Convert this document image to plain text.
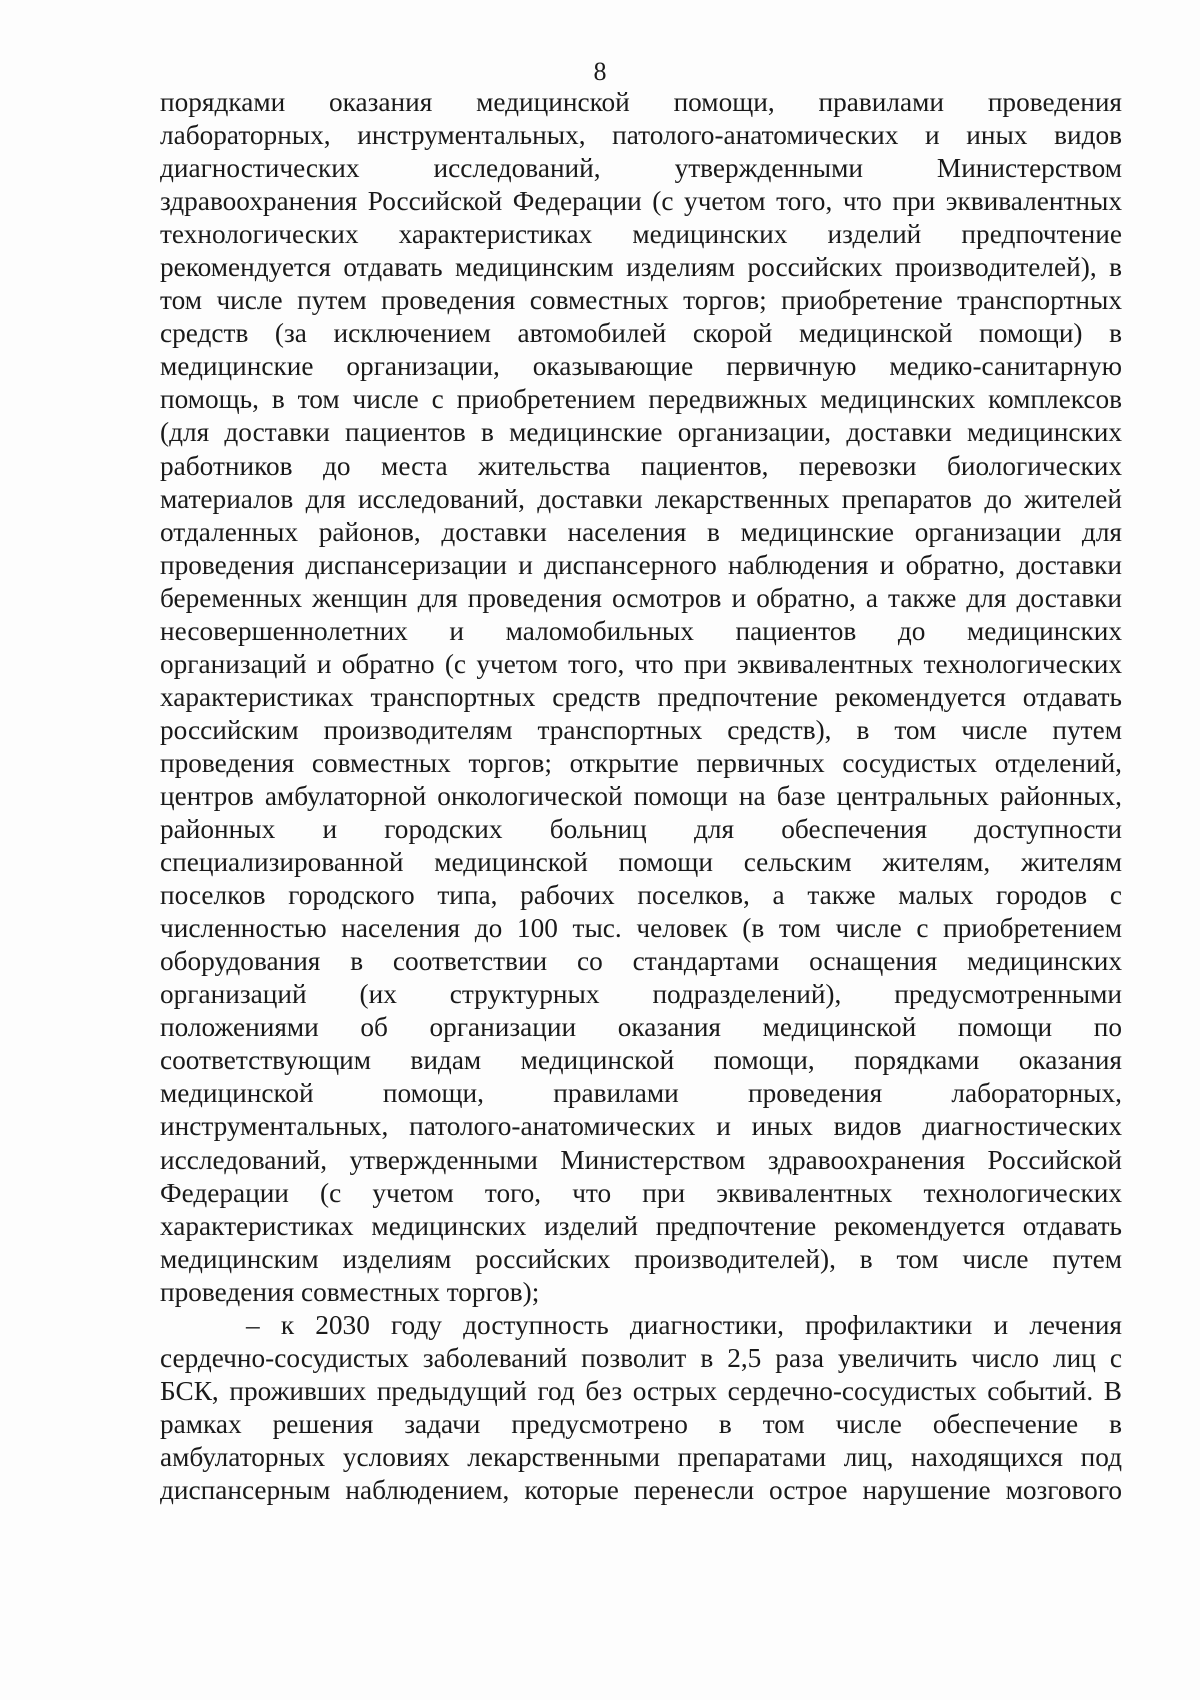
8
порядками оказания медицинской помощи, правилами проведения
лабораторных, инструментальных, патолого-анатомических и иных видов
диагностических исследований, утвержденными Министерством
здравоохранения Российской Федерации (с учетом того, что при эквивалентных
технологических характеристиках медицинских изделий предпочтение
рекомендуется отдавать медицинским изделиям российских производителей), в
том числе путем проведения совместных торгов; приобретение транспортных
средств (за исключением автомобилей скорой медицинской помощи) в
медицинские организации, оказывающие первичную медико-санитарную
помощь, в том числе с приобретением передвижных медицинских комплексов
(для доставки пациентов в медицинские организации, доставки медицинских
работников до места жительства пациентов, перевозки биологических
материалов для исследований, доставки лекарственных препаратов до жителей
отдаленных районов, доставки населения в медицинские организации для
проведения диспансеризации и диспансерного наблюдения и обратно, доставки
беременных женщин для проведения осмотров и обратно, а также для доставки
несовершеннолетних и маломобильных пациентов до медицинских
организаций и обратно (с учетом того, что при эквивалентных технологических
характеристиках транспортных средств предпочтение рекомендуется отдавать
российским производителям транспортных средств), в том числе путем
проведения совместных торгов; открытие первичных сосудистых отделений,
центров амбулаторной онкологической помощи на базе центральных районных,
районных и городских больниц для обеспечения доступности
специализированной медицинской помощи сельским жителям, жителям
поселков городского типа, рабочих поселков, а также малых городов с
численностью населения до 100 тыс. человек (в том числе с приобретением
оборудования в соответствии со стандартами оснащения медицинских
организаций (их структурных подразделений), предусмотренными
положениями об организации оказания медицинской помощи по
соответствующим видам медицинской помощи, порядками оказания
медицинской помощи, правилами проведения лабораторных,
инструментальных, патолого-анатомических и иных видов диагностических
исследований, утвержденными Министерством здравоохранения Российской
Федерации (с учетом того, что при эквивалентных технологических
характеристиках медицинских изделий предпочтение рекомендуется отдавать
медицинским изделиям российских производителей), в том числе путем
проведения совместных торгов);
– к 2030 году доступность диагностики, профилактики и лечения
сердечно-сосудистых заболеваний позволит в 2,5 раза увеличить число лиц с
БСК, проживших предыдущий год без острых сердечно-сосудистых событий. В
рамках решения задачи предусмотрено в том числе обеспечение в
амбулаторных условиях лекарственными препаратами лиц, находящихся под
диспансерным наблюдением, которые перенесли острое нарушение мозгового
